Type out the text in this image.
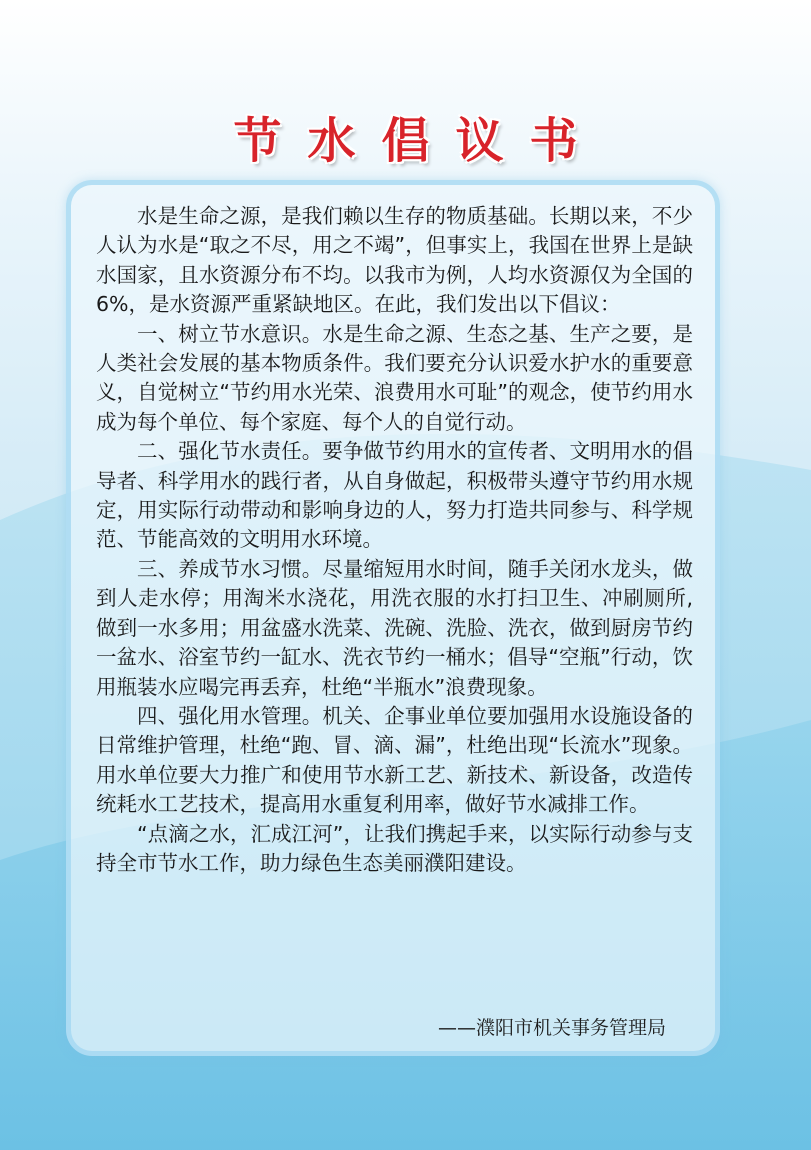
节水倡议书

水是生命之源，是我们赖以生存的物质基础。长期以来，不少人认为水是“取之不尽，用之不竭”，但事实上，我国在世界上是缺水国家，且水资源分布不均。以我市为例，人均水资源仅为全国的6%，是水资源严重紧缺地区。在此，我们发出以下倡议：

一、树立节水意识。水是生命之源、生态之基、生产之要，是人类社会发展的基本物质条件。我们要充分认识爱水护水的重要意义，自觉树立“节约用水光荣、浪费用水可耻”的观念，使节约用水成为每个单位、每个家庭、每个人的自觉行动。

二、强化节水责任。要争做节约用水的宣传者、文明用水的倡导者、科学用水的践行者，从自身做起，积极带头遵守节约用水规定，用实际行动带动和影响身边的人，努力打造共同参与、科学规范、节能高效的文明用水环境。

三、养成节水习惯。尽量缩短用水时间，随手关闭水龙头，做到人走水停；用淘米水浇花，用洗衣服的水打扫卫生、冲刷厕所,做到一水多用；用盆盛水洗菜、洗碗、洗脸、洗衣，做到厨房节约一盆水、浴室节约一缸水、洗衣节约一桶水；倡导“空瓶”行动，饮用瓶装水应喝完再丢弃，杜绝“半瓶水”浪费现象。

四、强化用水管理。机关、企事业单位要加强用水设施设备的日常维护管理，杜绝“跑、冒、滴、漏”，杜绝出现“长流水”现象。用水单位要大力推广和使用节水新工艺、新技术、新设备，改造传统耗水工艺技术，提高用水重复利用率，做好节水减排工作。

“点滴之水，汇成江河”，让我们携起手来，以实际行动参与支持全市节水工作，助力绿色生态美丽濮阳建设。

——濮阳市机关事务管理局
